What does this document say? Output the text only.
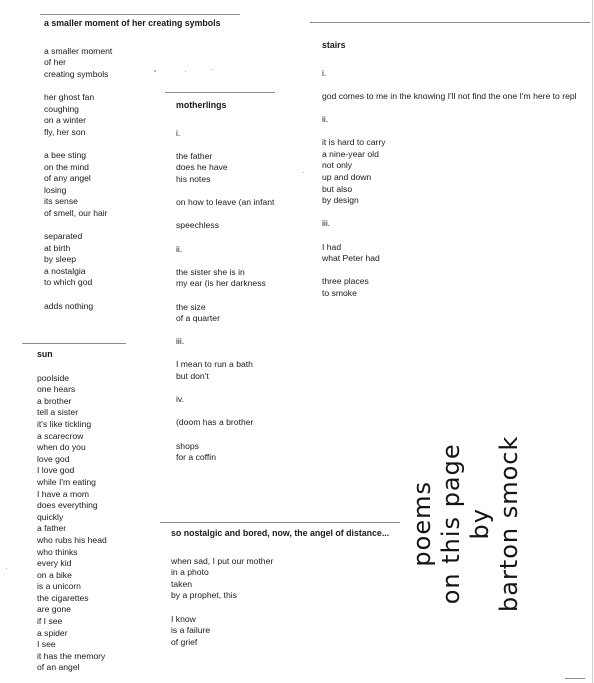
a smaller moment of her creating symbols
a smaller moment
of her
creating symbols
her ghost fan
coughing
on a winter
fly, her son
a bee sting
on the mind
of any angel
losing
its sense
of smell, our hair
separated
at birth
by sleep
a nostalgia
to which god
adds nothing
stairs
i.
god comes to me in the knowing I'll not find the one I'm here to repl
ii.
it is hard to carry
a nine-year old
not only
up and down
but also
by design
iii.
I had
what Peter had
three places
to smoke
motherlings
i.
the father
does he have
his notes
on how to leave (an infant
speechless
ii.
the sister she is in
my ear (is her darkness
the size
of a quarter
iii.
I mean to run a bath
but don't
iv.
(doom has a brother
shops
for a coffin
sun
poolside
one hears
a brother
tell a sister
it's like tickling
a scarecrow
when do you
love god
I love god
while I'm eating
I have a mom
does everything
quickly
a father
who rubs his head
who thinks
every kid
on a bike
is a unicorn
the cigarettes
are gone
if I see
a spider
I see
it has the memory
of an angel
so nostalgic and bored, now, the angel of distance...
when sad, I put our mother
in a photo
taken
by a prophet, this
I know
is a failure
of grief
poems on this page by barton smock
